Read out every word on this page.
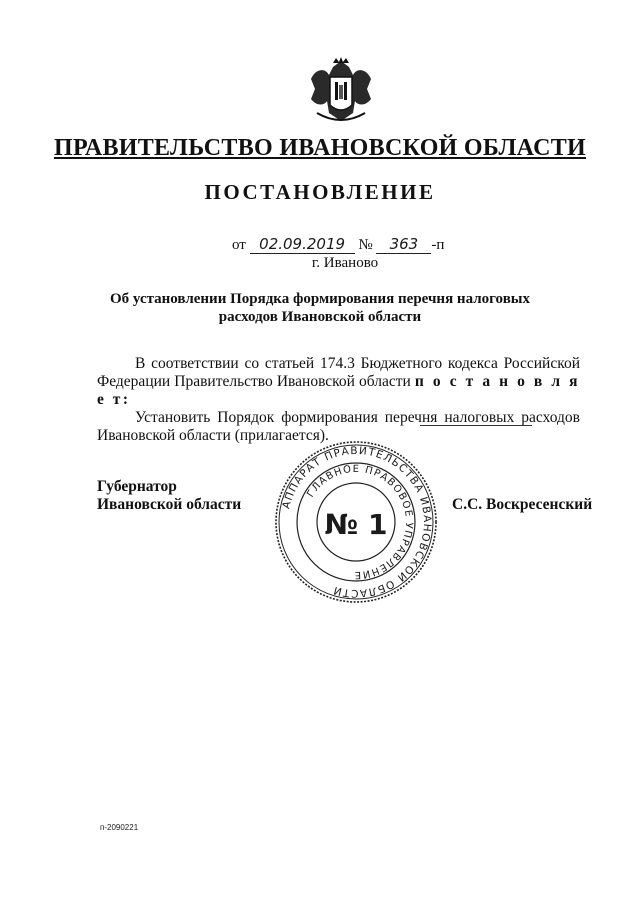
ПРАВИТЕЛЬСТВО ИВАНОВСКОЙ ОБЛАСТИ
ПОСТАНОВЛЕНИЕ
от 02.09.2019 № 363 -п
г. Иваново
Об установлении Порядка формирования перечня налоговых
расходов Ивановской области

В соответствии со статьей 174.3 Бюджетного кодекса Российской Федерации Правительство Ивановской области п о с т а н о в л я е т:

Установить Порядок формирования перечня налоговых расходов Ивановской области (прилагается).

Губернатор
Ивановской области	С.С. Воскресенский
АППАРАТ ПРАВИТЕЛЬСТВА ИВАНОВСКОЙ ОБЛАСТИ
ГЛАВНОЕ ПРАВОВОЕ УПРАВЛЕНИЕ
№ 1
п-2090221
